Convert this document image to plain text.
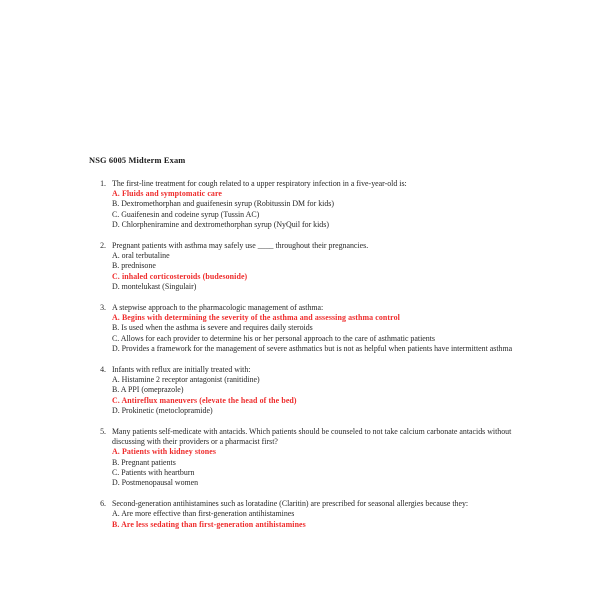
NSG 6005 Midterm Exam
1. The first-line treatment for cough related to a upper respiratory infection in a five-year-old is:

A. Fluids and symptomatic care
B. Dextromethorphan and guaifenesin syrup (Robitussin DM for kids)
C. Guaifenesin and codeine syrup (Tussin AC)
D. Chlorpheniramine and dextromethorphan syrup (NyQuil for kids)
2. Pregnant patients with asthma may safely use ____ throughout their pregnancies.

A. oral terbutaline
B. prednisone
C. inhaled corticosteroids (budesonide)
D. montelukast (Singulair)
3. A stepwise approach to the pharmacologic management of asthma:

A. Begins with determining the severity of the asthma and assessing asthma control
B. Is used when the asthma is severe and requires daily steroids
C. Allows for each provider to determine his or her personal approach to the care of asthmatic patients
D. Provides a framework for the management of severe asthmatics but is not as helpful when patients have intermittent asthma
4. Infants with reflux are initially treated with:

A. Histamine 2 receptor antagonist (ranitidine)
B. A PPI (omeprazole)
C. Antireflux maneuvers (elevate the head of the bed)
D. Prokinetic (metoclopramide)
5. Many patients self-medicate with antacids. Which patients should be counseled to not take calcium carbonate antacids without discussing with their providers or a pharmacist first?

A. Patients with kidney stones
B. Pregnant patients
C. Patients with heartburn
D. Postmenopausal women
6. Second-generation antihistamines such as loratadine (Claritin) are prescribed for seasonal allergies because they:

A. Are more effective than first-generation antihistamines
B. Are less sedating than first-generation antihistamines
